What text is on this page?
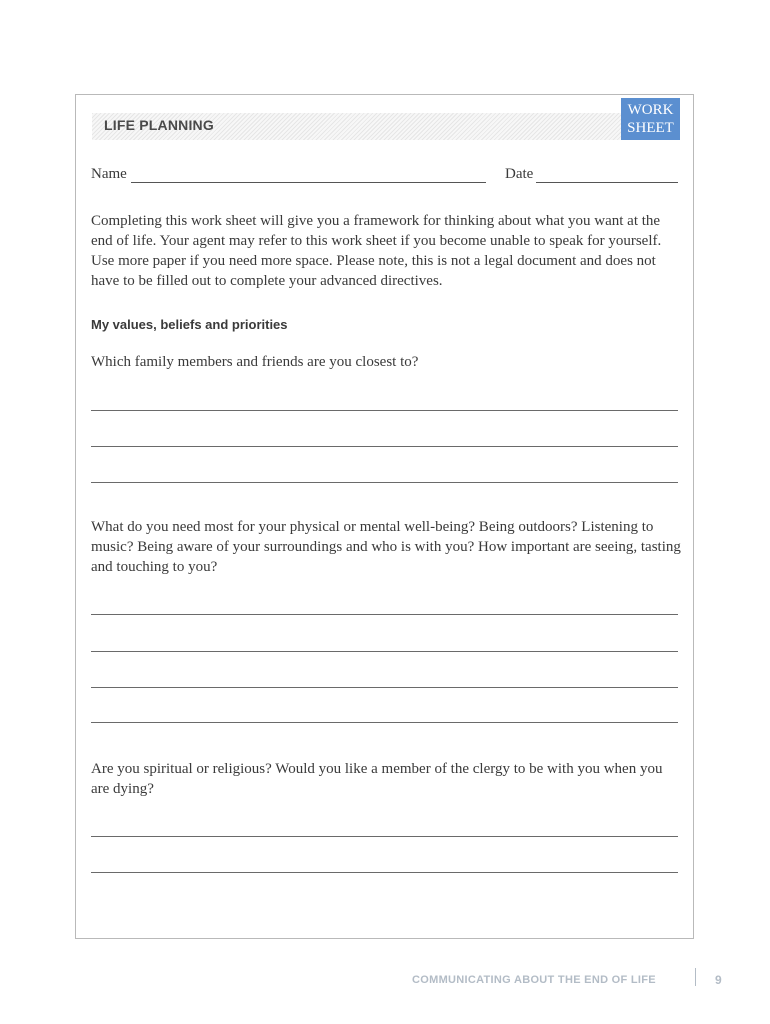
LIFE PLANNING
WORK
SHEET
Name	Date
Completing this work sheet will give you a framework for thinking about what you want at the end of life. Your agent may refer to this work sheet if you become unable to speak for yourself. Use more paper if you need more space. Please note, this is not a legal document and does not have to be filled out to complete your advanced directives.
My values, beliefs and priorities
Which family members and friends are you closest to?
What do you need most for your physical or mental well-being? Being outdoors? Listening to music? Being aware of your surroundings and who is with you? How important are seeing, tasting and touching to you?
Are you spiritual or religious? Would you like a member of the clergy to be with you when you are dying?
COMMUNICATING ABOUT THE END OF LIFE	9
